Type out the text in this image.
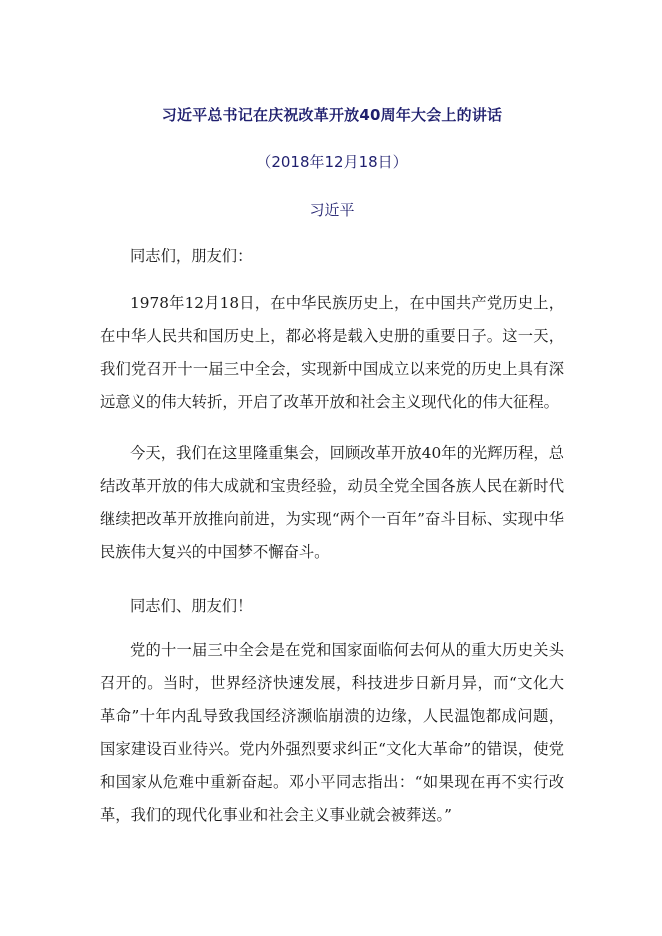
习近平总书记在庆祝改革开放40周年大会上的讲话
（2018年12月18日）
习近平

同志们，朋友们：

1978年12月18日，在中华民族历史上，在中国共产党历史上，在中华人民共和国历史上，都必将是载入史册的重要日子。这一天，我们党召开十一届三中全会，实现新中国成立以来党的历史上具有深远意义的伟大转折，开启了改革开放和社会主义现代化的伟大征程。

今天，我们在这里隆重集会，回顾改革开放40年的光辉历程，总结改革开放的伟大成就和宝贵经验，动员全党全国各族人民在新时代继续把改革开放推向前进，为实现“两个一百年”奋斗目标、实现中华民族伟大复兴的中国梦不懈奋斗。

同志们、朋友们！

党的十一届三中全会是在党和国家面临何去何从的重大历史关头召开的。当时，世界经济快速发展，科技进步日新月异，而“文化大革命”十年内乱导致我国经济濒临崩溃的边缘，人民温饱都成问题，国家建设百业待兴。党内外强烈要求纠正“文化大革命”的错误，使党和国家从危难中重新奋起。邓小平同志指出：“如果现在再不实行改革，我们的现代化事业和社会主义事业就会被葬送。”
